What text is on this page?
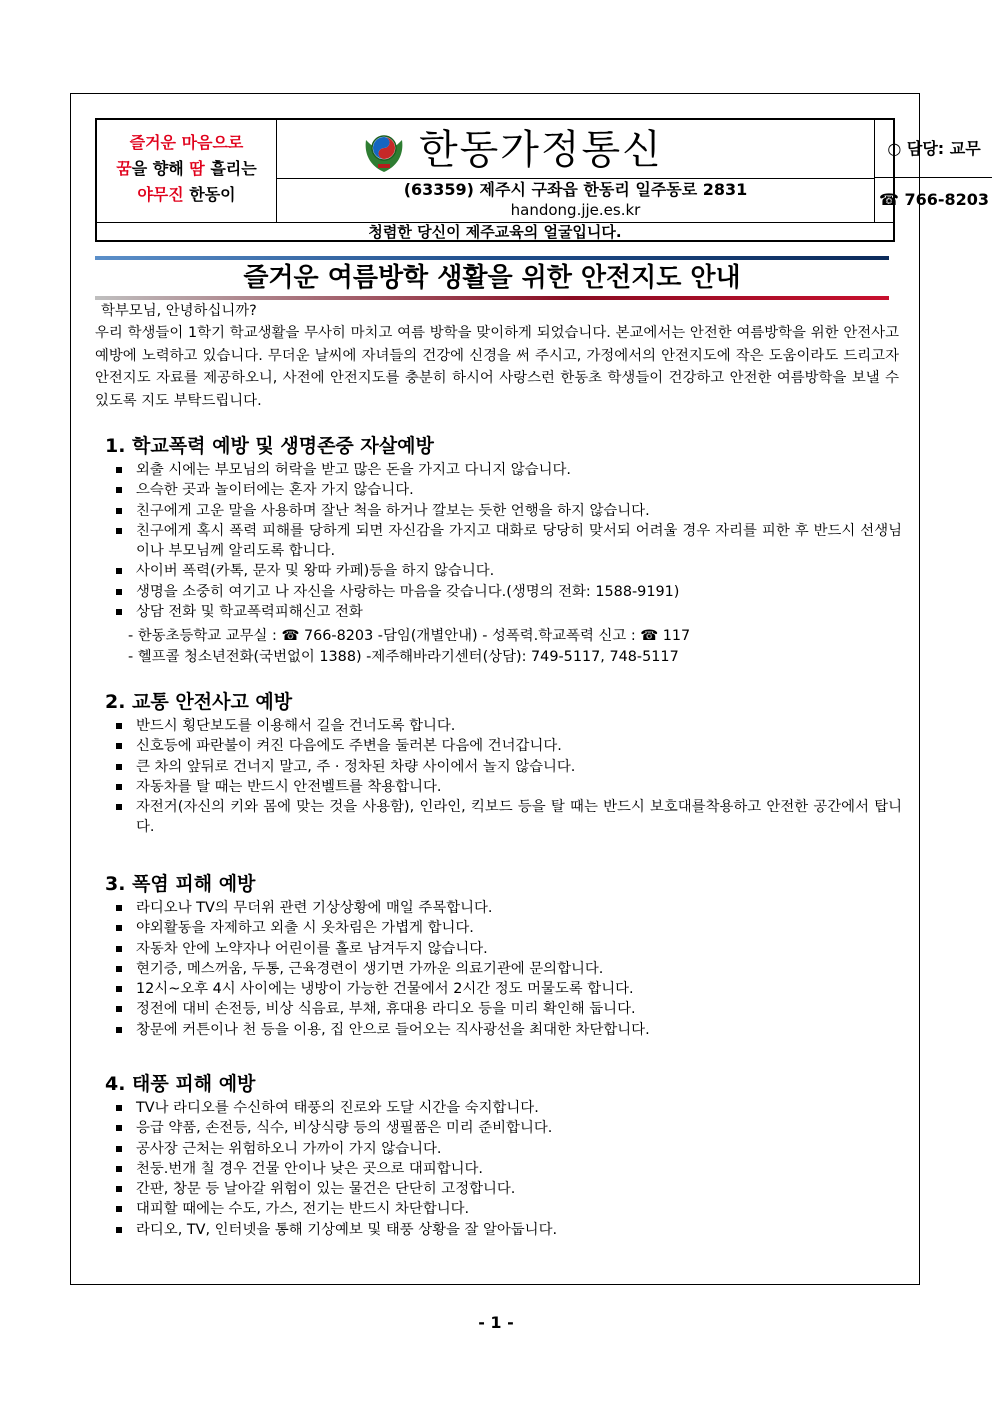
즐거운 마음으로
꿈을 향해 땀 흘리는
야무진 한동이
한동가정통신
(63359) 제주시 구좌읍 한동리 일주동로 2831
handong.jje.es.kr
○ 담당: 교무
☎ 766-8203
청렴한 당신이 제주교육의 얼굴입니다.
즐거운 여름방학 생활을 위한 안전지도 안내

학부모님, 안녕하십니까?

우리 학생들이 1학기 학교생활을 무사히 마치고 여름 방학을 맞이하게 되었습니다. 본교에서는 안전한 여름방학을 위한 안전사고 예방에 노력하고 있습니다. 무더운 날씨에 자녀들의 건강에 신경을 써 주시고, 가정에서의 안전지도에 작은 도움이라도 드리고자 안전지도 자료를 제공하오니, 사전에 안전지도를 충분히 하시어 사랑스런 한동초 학생들이 건강하고 안전한 여름방학을 보낼 수 있도록 지도 부탁드립니다.

1. 학교폭력 예방 및 생명존중 자살예방
외출 시에는 부모님의 허락을 받고 많은 돈을 가지고 다니지 않습니다.
으슥한 곳과 놀이터에는 혼자 가지 않습니다.
친구에게 고운 말을 사용하며 잘난 척을 하거나 깔보는 듯한 언행을 하지 않습니다.
친구에게 혹시 폭력 피해를 당하게 되면 자신감을 가지고 대화로 당당히 맞서되 어려울 경우 자리를 피한 후 반드시 선생님이나 부모님께 알리도록 합니다.
사이버 폭력(카톡, 문자 및 왕따 카페)등을 하지 않습니다.
생명을 소중히 여기고 나 자신을 사랑하는 마음을 갖습니다.(생명의 전화: 1588-9191)
상담 전화 및 학교폭력피해신고 전화
- 한동초등학교 교무실 : ☎ 766-8203 -담임(개별안내) - 성폭력.학교폭력 신고 : ☎ 117
- 헬프콜 청소년전화(국번없이 1388) -제주해바라기센터(상담): 749-5117, 748-5117
2. 교통 안전사고 예방
반드시 횡단보도를 이용해서 길을 건너도록 합니다.
신호등에 파란불이 켜진 다음에도 주변을 둘러본 다음에 건너갑니다.
큰 차의 앞뒤로 건너지 말고, 주 · 정차된 차량 사이에서 놀지 않습니다.
자동차를 탈 때는 반드시 안전벨트를 착용합니다.
자전거(자신의 키와 몸에 맞는 것을 사용함), 인라인, 킥보드 등을 탈 때는 반드시 보호대를착용하고 안전한 공간에서 탑니다.
3. 폭염 피해 예방
라디오나 TV의 무더위 관련 기상상황에 매일 주목합니다.
야외활동을 자제하고 외출 시 옷차림은 가볍게 합니다.
자동차 안에 노약자나 어린이를 홀로 남겨두지 않습니다.
현기증, 메스꺼움, 두통, 근육경련이 생기면 가까운 의료기관에 문의합니다.
12시~오후 4시 사이에는 냉방이 가능한 건물에서 2시간 정도 머물도록 합니다.
정전에 대비 손전등, 비상 식음료, 부채, 휴대용 라디오 등을 미리 확인해 둡니다.
창문에 커튼이나 천 등을 이용, 집 안으로 들어오는 직사광선을 최대한 차단합니다.
4. 태풍 피해 예방
TV나 라디오를 수신하여 태풍의 진로와 도달 시간을 숙지합니다.
응급 약품, 손전등, 식수, 비상식량 등의 생필품은 미리 준비합니다.
공사장 근처는 위험하오니 가까이 가지 않습니다.
천둥.번개 칠 경우 건물 안이나 낮은 곳으로 대피합니다.
간판, 창문 등 날아갈 위험이 있는 물건은 단단히 고정합니다.
대피할 때에는 수도, 가스, 전기는 반드시 차단합니다.
라디오, TV, 인터넷을 통해 기상예보 및 태풍 상황을 잘 알아둡니다.
- 1 -
